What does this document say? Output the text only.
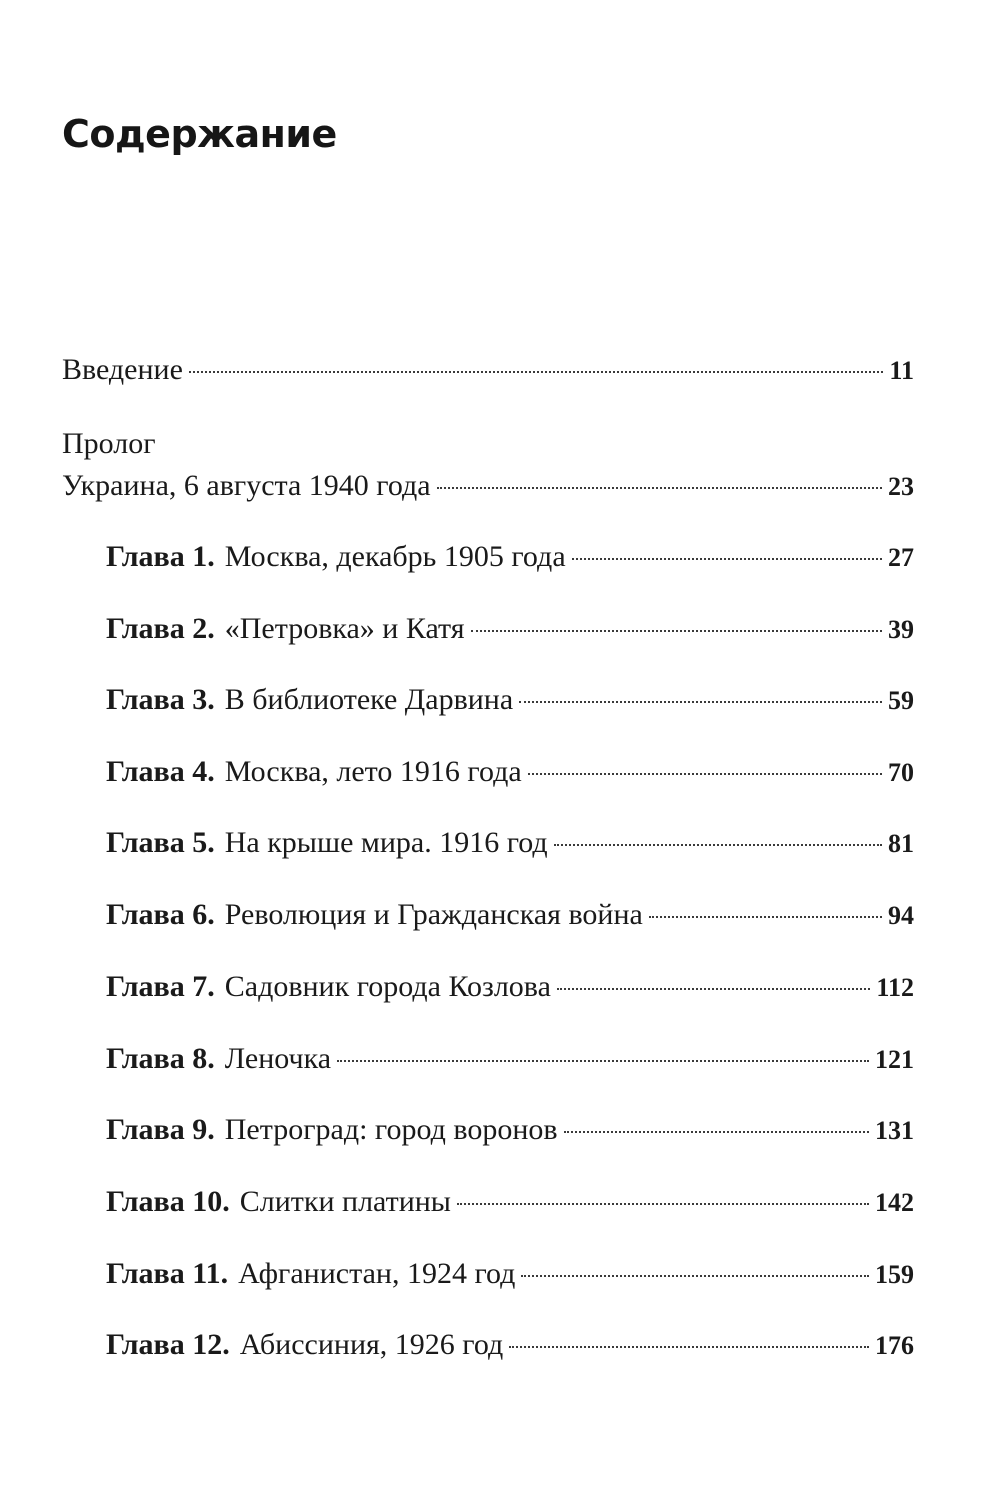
Содержание
Введение	11
Пролог
Украина, 6 августа 1940 года	23
Глава 1. Москва, декабрь 1905 года	27
Глава 2. «Петровка» и Катя	39
Глава 3. В библиотеке Дарвина	59
Глава 4. Москва, лето 1916 года	70
Глава 5. На крыше мира. 1916 год	81
Глава 6. Революция и Гражданская война	94
Глава 7. Садовник города Козлова	112
Глава 8. Леночка	121
Глава 9. Петроград: город воронов	131
Глава 10. Слитки платины	142
Глава 11. Афганистан, 1924 год	159
Глава 12. Абиссиния, 1926 год	176
